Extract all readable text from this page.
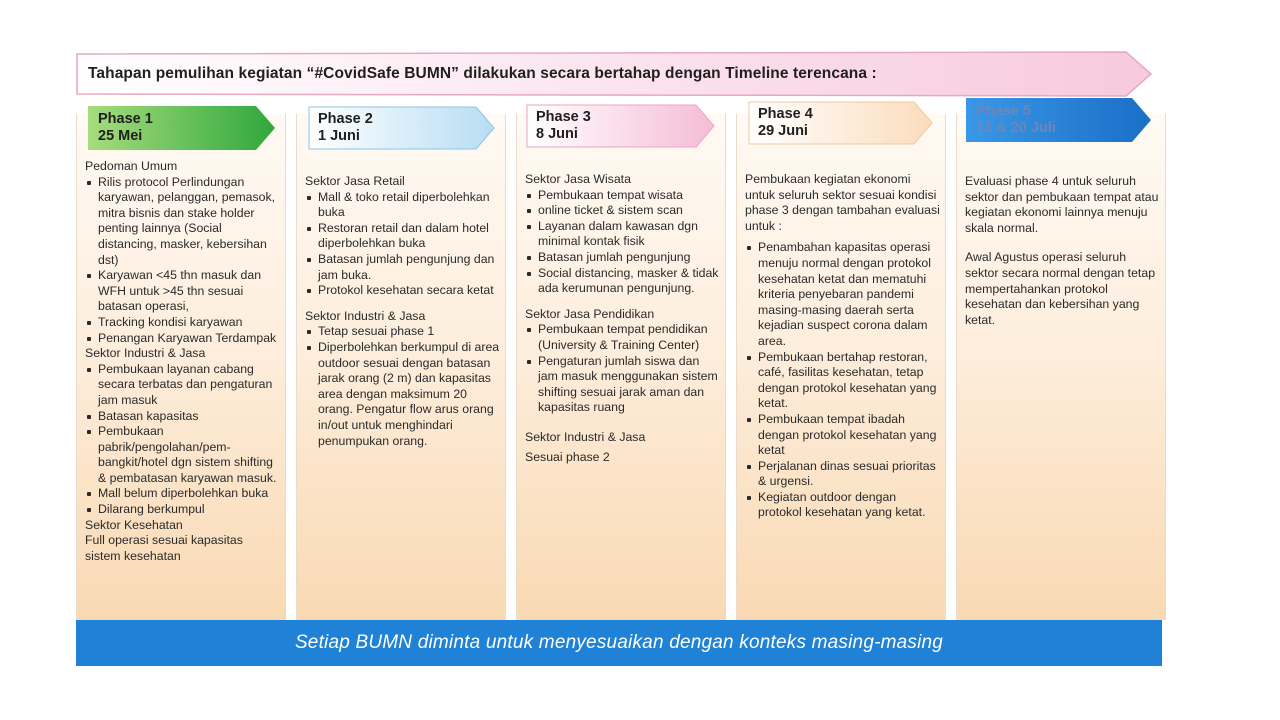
Tahapan pemulihan kegiatan “#CovidSafe BUMN” dilakukan secara bertahap dengan Timeline terencana :
Pedoman Umum
Rilis protocol Perlindungan karyawan, pelanggan, pemasok, mitra bisnis dan stake holder penting lainnya (Social distancing, masker, kebersihan dst)
Karyawan <45 thn masuk dan WFH untuk >45 thn sesuai batasan operasi,
Tracking kondisi karyawan
Penangan Karyawan Terdampak
Sektor Industri & Jasa
Pembukaan layanan cabang secara terbatas dan pengaturan jam masuk
Batasan kapasitas
Pembukaan pabrik/pengolahan/pem-bangkit/hotel dgn sistem shifting & pembatasan karyawan masuk.
Mall belum diperbolehkan buka
Dilarang berkumpul
Sektor Kesehatan
Full operasi sesuai kapasitas sistem kesehatan
Sektor Jasa Retail
Mall & toko retail diperbolehkan buka
Restoran retail dan dalam hotel diperbolehkan buka
Batasan jumlah pengunjung dan jam buka.
Protokol kesehatan secara ketat
Sektor Industri & Jasa
Tetap sesuai phase 1
Diperbolehkan berkumpul di area outdoor sesuai dengan batasan jarak orang (2 m) dan kapasitas area dengan maksimum 20 orang. Pengatur flow arus orang in/out untuk menghindari penumpukan orang.
Sektor Jasa Wisata
Pembukaan tempat wisata
online ticket & sistem scan
Layanan dalam kawasan dgn minimal kontak fisik
Batasan jumlah pengunjung
Social distancing, masker & tidak ada kerumunan pengunjung.
Sektor Jasa Pendidikan
Pembukaan tempat pendidikan (University & Training Center)
Pengaturan jumlah siswa dan jam masuk menggunakan sistem shifting sesuai jarak aman dan kapasitas ruang
Sektor Industri & Jasa
Sesuai phase 2
Pembukaan kegiatan ekonomi untuk seluruh sektor sesuai kondisi phase 3 dengan tambahan evaluasi untuk :
Penambahan kapasitas operasi menuju normal dengan protokol kesehatan ketat dan mematuhi kriteria penyebaran pandemi masing-masing daerah serta kejadian suspect corona dalam area.
Pembukaan bertahap restoran, café, fasilitas kesehatan, tetap dengan protokol kesehatan yang ketat.
Pembukaan tempat ibadah dengan protokol kesehatan yang ketat
Perjalanan dinas sesuai prioritas & urgensi.
Kegiatan outdoor dengan protokol kesehatan yang ketat.
Evaluasi phase 4 untuk seluruh sektor dan pembukaan tempat atau kegiatan ekonomi lainnya menuju skala normal.
Awal Agustus operasi seluruh sektor secara normal dengan tetap mempertahankan protokol kesehatan dan kebersihan yang ketat.
Phase 1
25 Mei
Phase 2
1 Juni
Phase 3
8 Juni
Phase 4
29 Juni
Phase 5
13 & 20 Juli
Setiap BUMN diminta untuk menyesuaikan dengan konteks masing-masing
